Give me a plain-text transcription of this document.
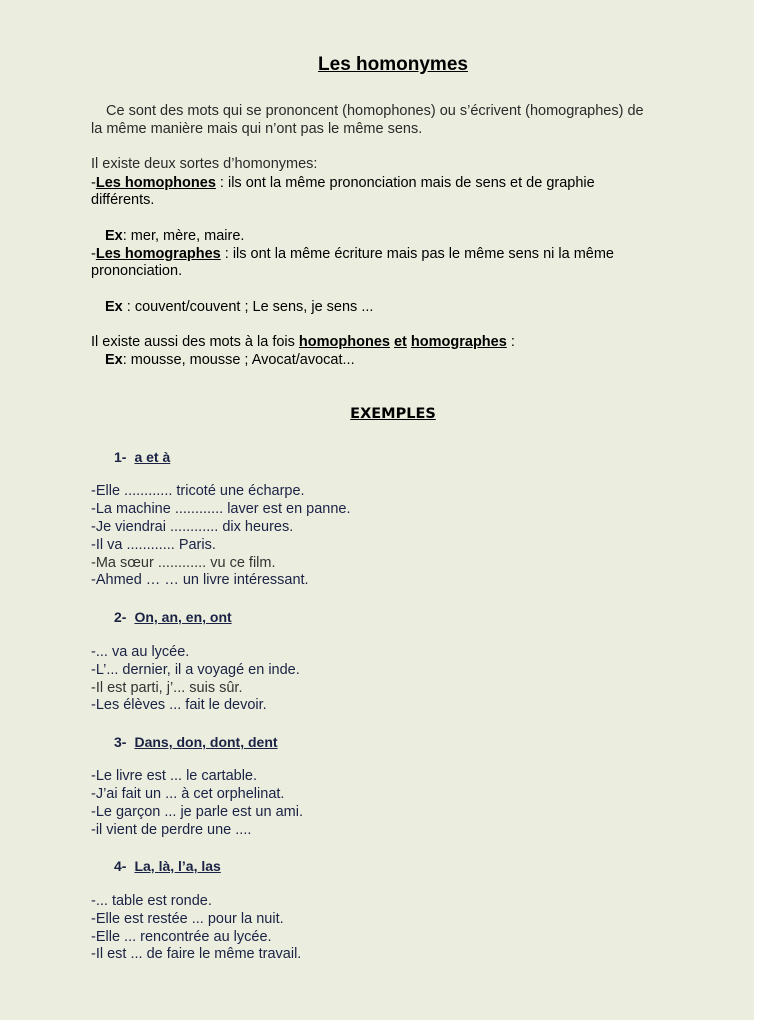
Les homonymes
Ce sont des mots qui se prononcent (homophones) ou s’écrivent (homographes) de
la même manière mais qui n’ont pas le même sens.
Il existe deux sortes d’homonymes:
-Les homophones : ils ont la même prononciation mais de sens et de graphie
différents.
Ex: mer, mère, maire.
-Les homographes : ils ont la même écriture mais pas le même sens ni la même
prononciation.
Ex : couvent/couvent ; Le sens, je sens ...
Il existe aussi des mots à la fois homophones et homographes :
Ex: mousse, mousse ; Avocat/avocat...
EXEMPLES
1- a et à
-Elle ............ tricoté une écharpe.
-La machine ............ laver est en panne.
-Je viendrai ............ dix heures.
-Il va ............ Paris.
-Ma sœur ............ vu ce film.
-Ahmed … … un livre intéressant.
2- On, an, en, ont
-... va au lycée.
-L’... dernier, il a voyagé en inde.
-Il est parti, j’... suis sûr.
-Les élèves ... fait le devoir.
3- Dans, don, dont, dent
-Le livre est ... le cartable.
-J’ai fait un ... à cet orphelinat.
-Le garçon ... je parle est un ami.
-il vient de perdre une ....
4- La, là, l’a, las
-... table est ronde.
-Elle est restée ... pour la nuit.
-Elle ... rencontrée au lycée.
-Il est ... de faire le même travail.
